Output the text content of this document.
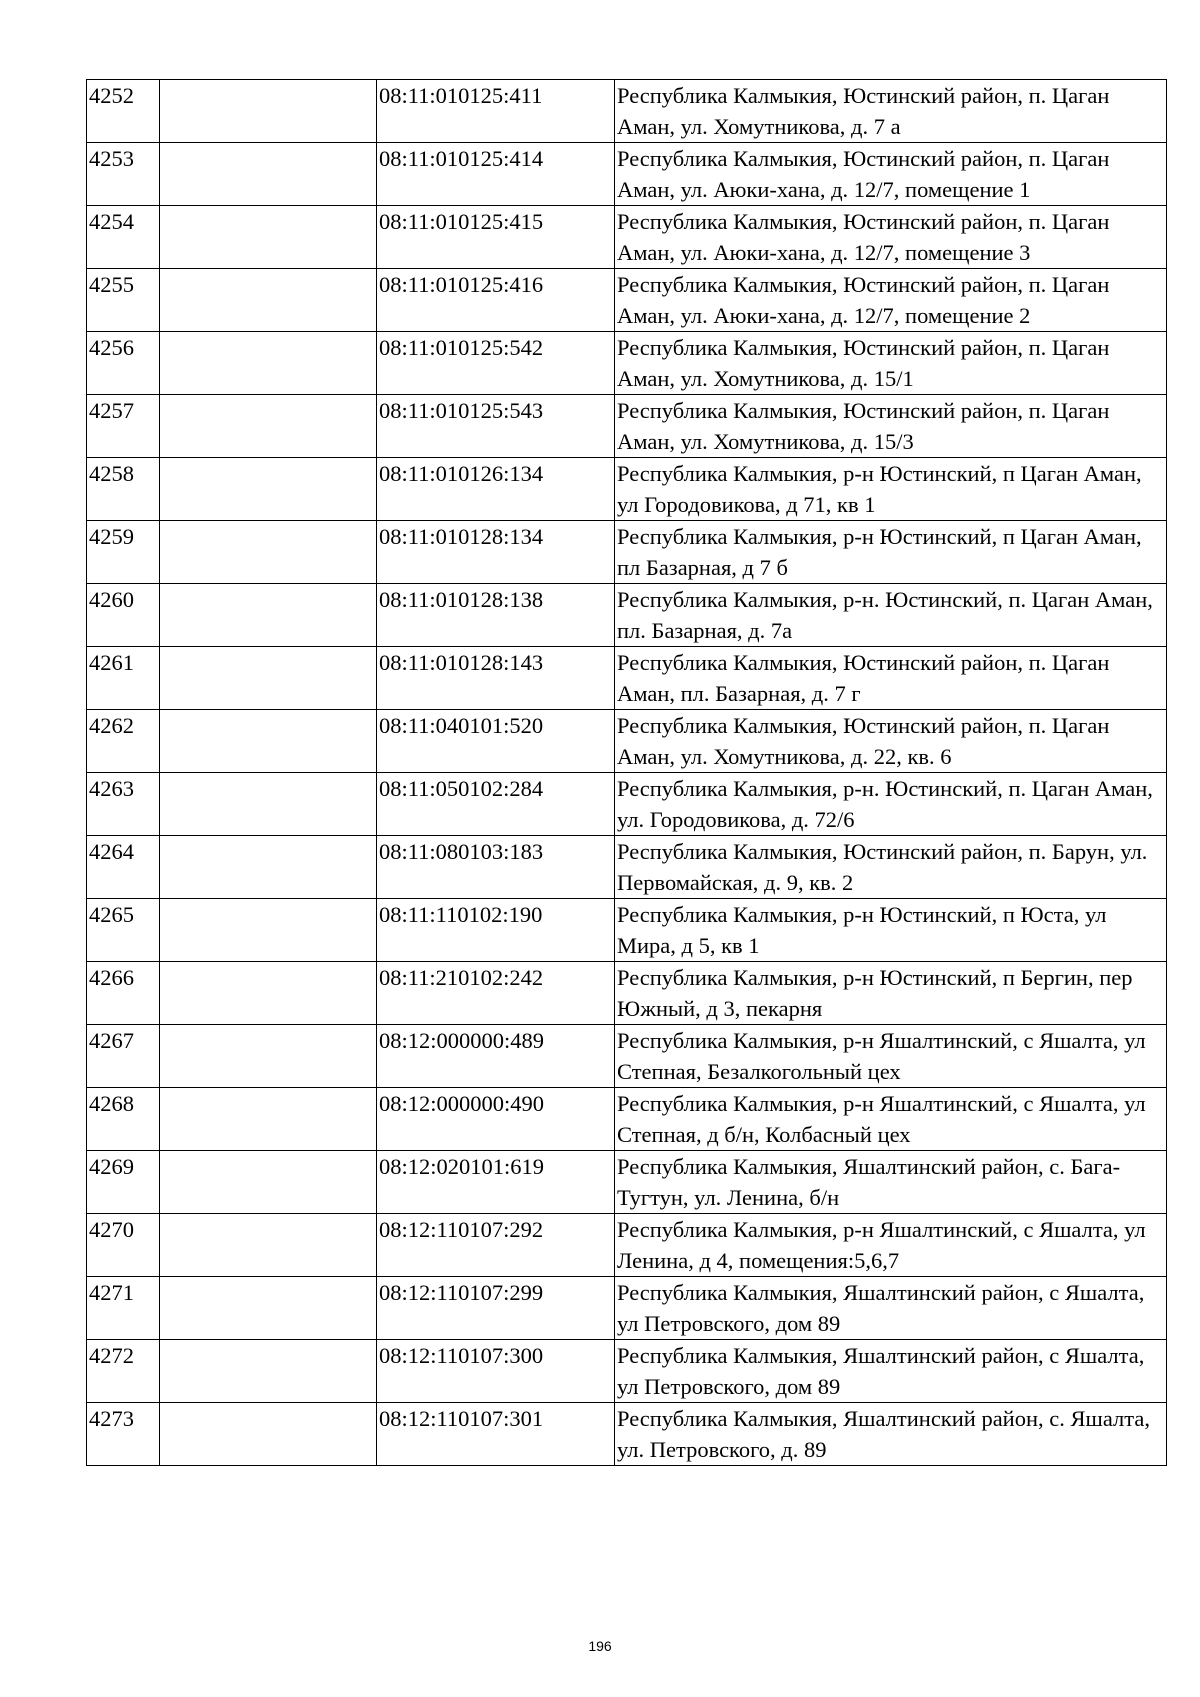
4252		08:11:010125:411	Республика Калмыкия, Юстинский район, п. Цаган Аман, ул. Хомутникова, д. 7 а
4253		08:11:010125:414	Республика Калмыкия, Юстинский район, п. Цаган Аман, ул. Аюки-хана, д. 12/7, помещение 1
4254		08:11:010125:415	Республика Калмыкия, Юстинский район, п. Цаган Аман, ул. Аюки-хана, д. 12/7, помещение 3
4255		08:11:010125:416	Республика Калмыкия, Юстинский район, п. Цаган Аман, ул. Аюки-хана, д. 12/7, помещение 2
4256		08:11:010125:542	Республика Калмыкия, Юстинский район, п. Цаган Аман, ул. Хомутникова, д. 15/1
4257		08:11:010125:543	Республика Калмыкия, Юстинский район, п. Цаган Аман, ул. Хомутникова, д. 15/3
4258		08:11:010126:134	Республика Калмыкия, р-н Юстинский, п Цаган Аман, ул Городовикова, д 71, кв 1
4259		08:11:010128:134	Республика Калмыкия, р-н Юстинский, п Цаган Аман, пл Базарная, д 7 б
4260		08:11:010128:138	Республика Калмыкия, р-н. Юстинский, п. Цаган Аман, пл. Базарная, д. 7а
4261		08:11:010128:143	Республика Калмыкия, Юстинский район, п. Цаган Аман, пл. Базарная, д. 7 г
4262		08:11:040101:520	Республика Калмыкия, Юстинский район, п. Цаган Аман, ул. Хомутникова, д. 22, кв. 6
4263		08:11:050102:284	Республика Калмыкия, р-н. Юстинский, п. Цаган Аман, ул. Городовикова, д. 72/6
4264		08:11:080103:183	Республика Калмыкия, Юстинский район, п. Барун, ул. Первомайская, д. 9, кв. 2
4265		08:11:110102:190	Республика Калмыкия, р-н Юстинский, п Юста, ул Мира, д 5, кв 1
4266		08:11:210102:242	Республика Калмыкия, р-н Юстинский, п Бергин, пер Южный, д 3, пекарня
4267		08:12:000000:489	Республика Калмыкия, р-н Яшалтинский, с Яшалта, ул Степная, Безалкогольный цех
4268		08:12:000000:490	Республика Калмыкия, р-н Яшалтинский, с Яшалта, ул Степная, д б/н, Колбасный цех
4269		08:12:020101:619	Республика Калмыкия, Яшалтинский район, с. Бага-Тугтун, ул. Ленина, б/н
4270		08:12:110107:292	Республика Калмыкия, р-н Яшалтинский, с Яшалта, ул Ленина, д 4, помещения:5,6,7
4271		08:12:110107:299	Республика Калмыкия, Яшалтинский район, с Яшалта, ул Петровского, дом 89
4272		08:12:110107:300	Республика Калмыкия, Яшалтинский район, с Яшалта, ул Петровского, дом 89
4273		08:12:110107:301	Республика Калмыкия, Яшалтинский район, с. Яшалта, ул. Петровского, д. 89
196
